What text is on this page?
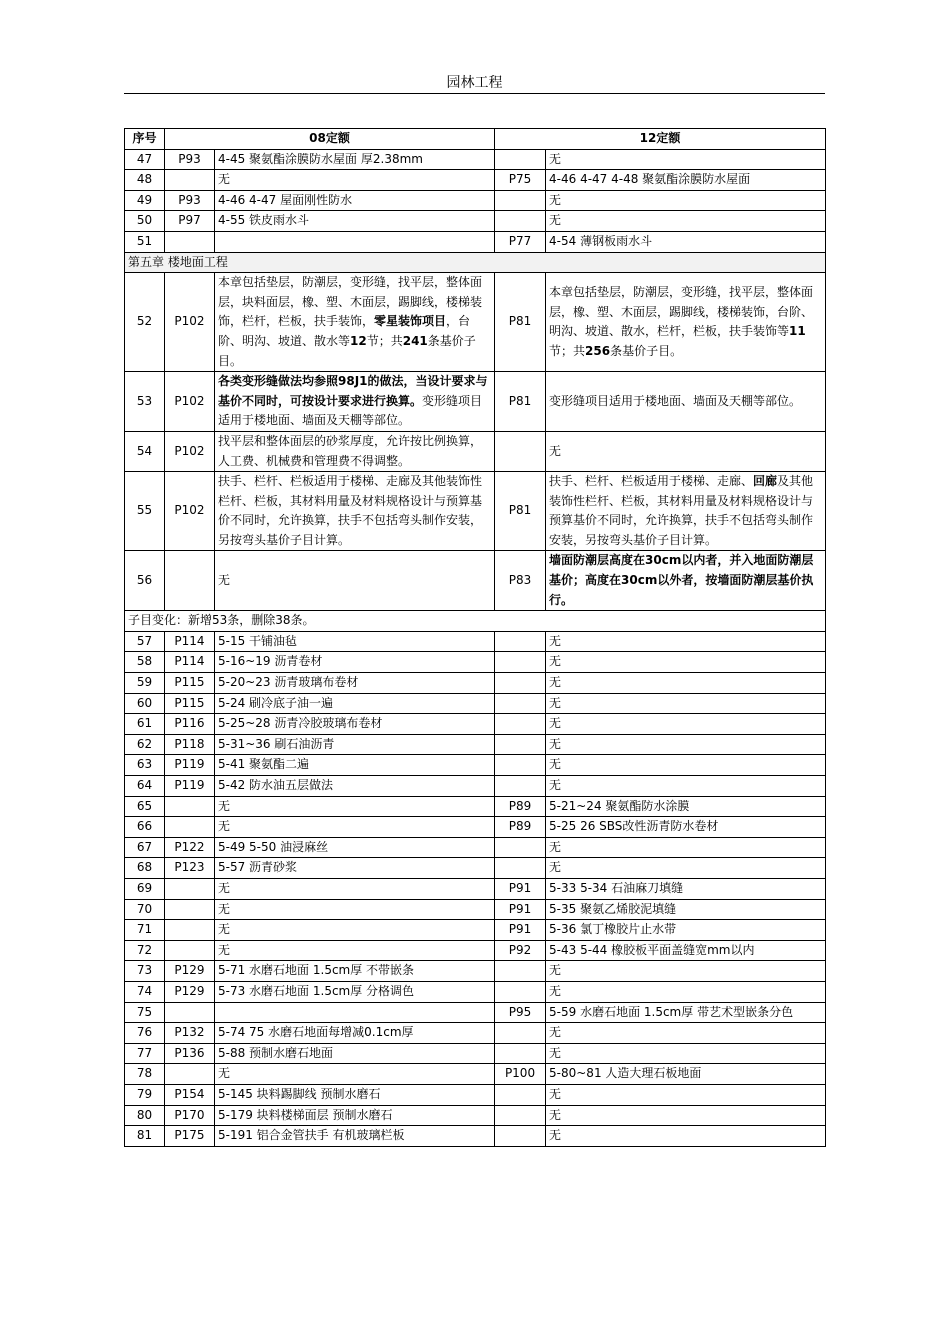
园林工程
序号	08定额		12定额	
47	P93	4-45 聚氨酯涂膜防水屋面 厚2.38mm		无
48		无	P75	4-46 4-47 4-48 聚氨酯涂膜防水屋面
49	P93	4-46 4-47 屋面刚性防水		无
50	P97	4-55 铁皮雨水斗		无
51			P77	4-54 薄钢板雨水斗
第五章 楼地面工程				
52	P102	本章包括垫层，防潮层，变形缝，找平层，整体面层，块料面层，橡、塑、木面层，踢脚线，楼梯装饰，栏杆，栏板，扶手装饰，零星装饰项目，台阶、明沟、坡道、散水等12节；共241条基价子目。	P81	本章包括垫层，防潮层，变形缝，找平层，整体面层，橡、塑、木面层，踢脚线，楼梯装饰，台阶、明沟、坡道、散水，栏杆，栏板，扶手装饰等11节；共256条基价子目。
53	P102	各类变形缝做法均参照98J1的做法，当设计要求与基价不同时，可按设计要求进行换算。变形缝项目适用于楼地面、墙面及天棚等部位。	P81	变形缝项目适用于楼地面、墙面及天棚等部位。
54	P102	找平层和整体面层的砂浆厚度，允许按比例换算，人工费、机械费和管理费不得调整。		无
55	P102	扶手、栏杆、栏板适用于楼梯、走廊及其他装饰性栏杆、栏板，其材料用量及材料规格设计与预算基价不同时，允许换算，扶手不包括弯头制作安装，另按弯头基价子目计算。	P81	扶手、栏杆、栏板适用于楼梯、走廊、回廊及其他装饰性栏杆、栏板，其材料用量及材料规格设计与预算基价不同时，允许换算，扶手不包括弯头制作安装，另按弯头基价子目计算。
56		无	P83	墙面防潮层高度在30cm以内者，并入地面防潮层基价；高度在30cm以外者，按墙面防潮层基价执行。
子目变化：新增53条，删除38条。				
57	P114	5-15 干铺油毡		无
58	P114	5-16~19 沥青卷材		无
59	P115	5-20~23 沥青玻璃布卷材		无
60	P115	5-24 刷冷底子油一遍		无
61	P116	5-25~28 沥青冷胶玻璃布卷材		无
62	P118	5-31~36 刷石油沥青		无
63	P119	5-41 聚氨酯二遍		无
64	P119	5-42 防水油五层做法		无
65		无	P89	5-21~24 聚氨酯防水涂膜
66		无	P89	5-25 26 SBS改性沥青防水卷材
67	P122	5-49 5-50 油浸麻丝		无
68	P123	5-57 沥青砂浆		无
69		无	P91	5-33 5-34 石油麻刀填缝
70		无	P91	5-35 聚氨乙烯胶泥填缝
71		无	P91	5-36 氯丁橡胶片止水带
72		无	P92	5-43 5-44 橡胶板平面盖缝宽mm以内
73	P129	5-71 水磨石地面 1.5cm厚 不带嵌条		无
74	P129	5-73 水磨石地面 1.5cm厚 分格调色		无
75			P95	5-59 水磨石地面 1.5cm厚 带艺术型嵌条分色
76	P132	5-74 75 水磨石地面每增减0.1cm厚		无
77	P136	5-88 预制水磨石地面		无
78		无	P100	5-80~81 人造大理石板地面
79	P154	5-145 块料踢脚线 预制水磨石		无
80	P170	5-179 块料楼梯面层 预制水磨石		无
81	P175	5-191 铝合金管扶手 有机玻璃栏板		无
